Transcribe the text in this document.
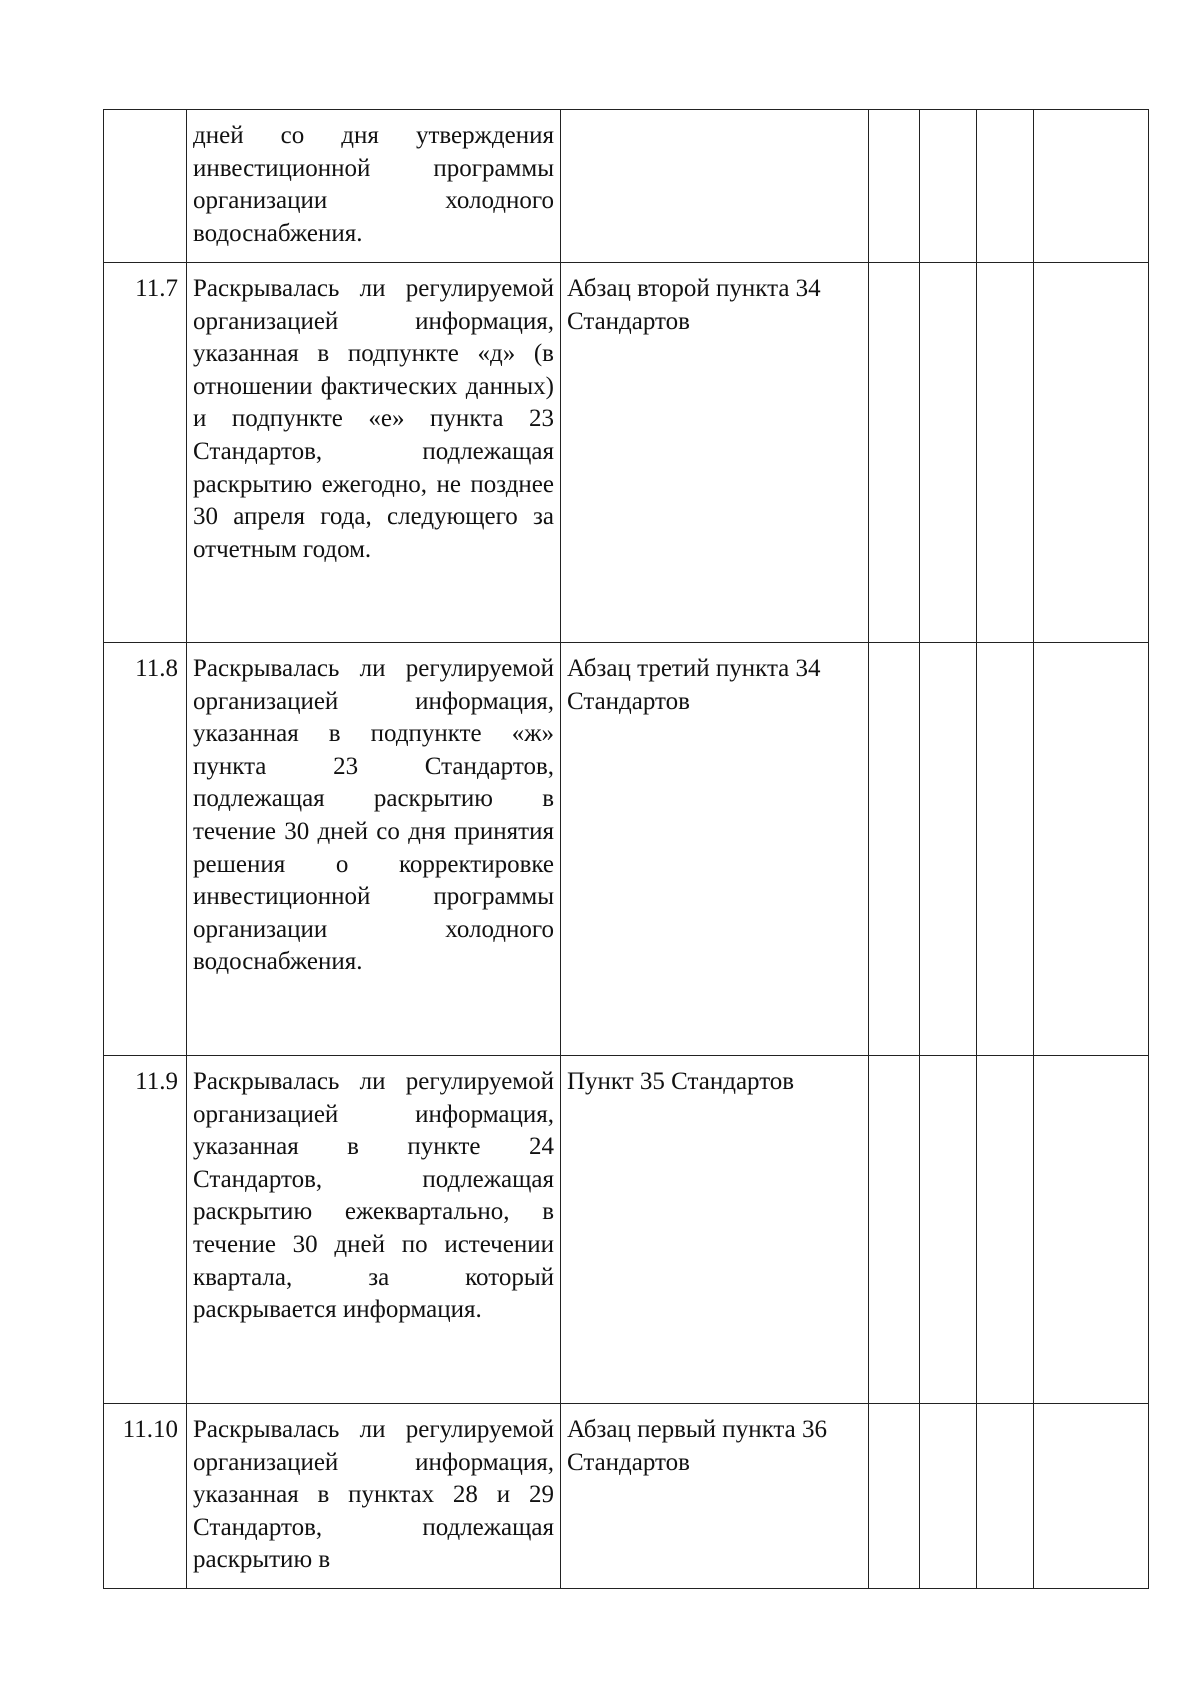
	дней со дня утверждения инвестиционной программы организации холодного водоснабжения.					
11.7	Раскрывалась ли регулируемой организацией информация, указанная в подпункте «д» (в отношении фактических данных) и подпункте «е» пункта 23 Стандартов, подлежащая раскрытию ежегодно, не позднее 30 апреля года, следующего за отчетным годом.	Абзац второй пункта 34 Стандартов				
11.8	Раскрывалась ли регулируемой организацией информация, указанная в подпункте «ж» пункта 23 Стандартов, подлежащая раскрытию в течение 30 дней со дня принятия решения о корректировке инвестиционной программы организации холодного водоснабжения.	Абзац третий пункта 34 Стандартов				
11.9	Раскрывалась ли регулируемой организацией информация, указанная в пункте 24 Стандартов, подлежащая раскрытию ежеквартально, в течение 30 дней по истечении квартала, за который раскрывается информация.	Пункт 35 Стандартов				
11.10	Раскрывалась ли регулируемой организацией информация, указанная в пунктах 28 и 29 Стандартов, подлежащая раскрытию в	Абзац первый пункта 36 Стандартов				
